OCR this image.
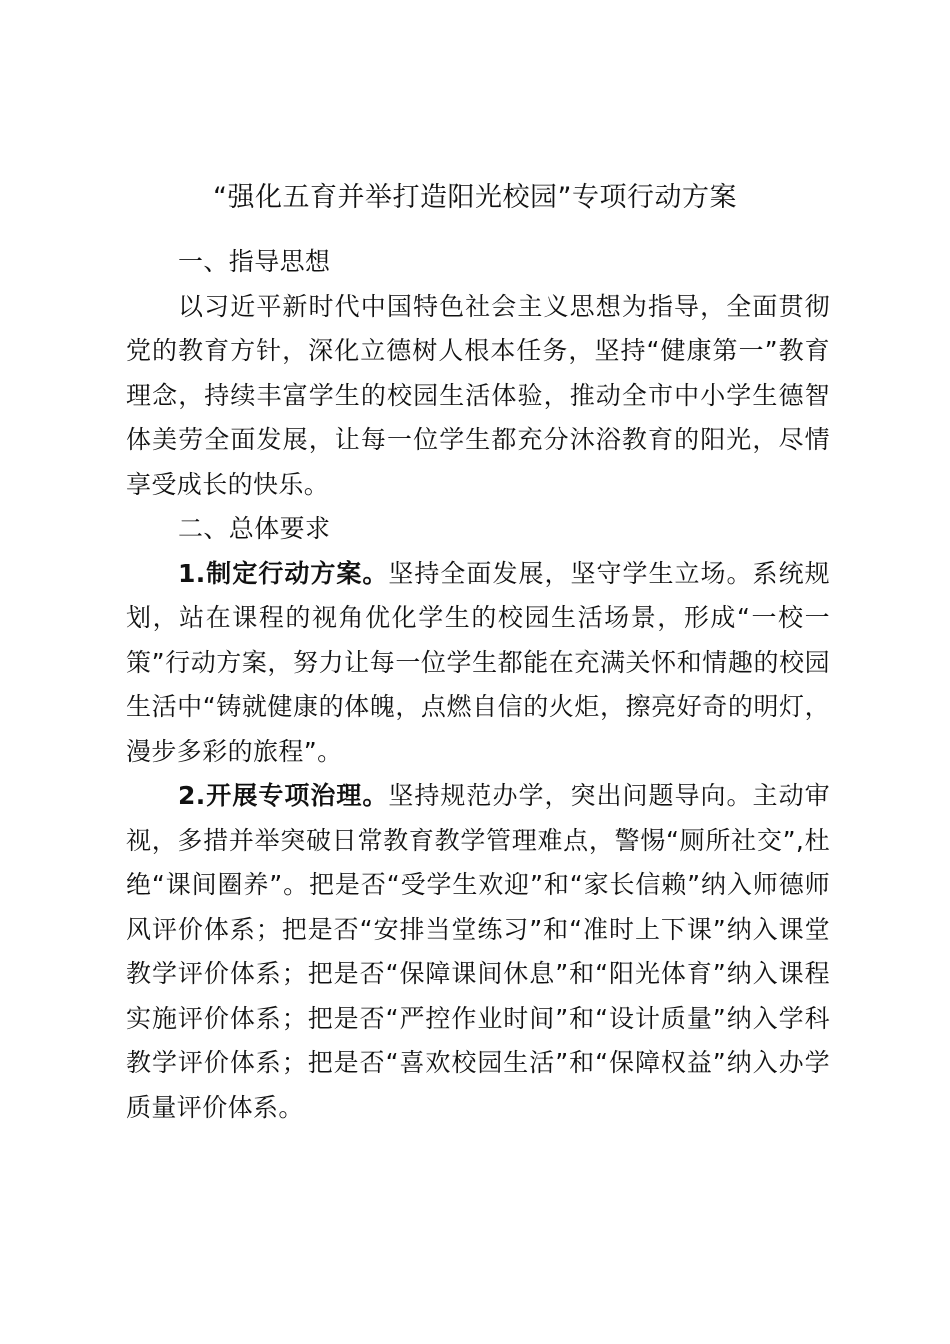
“强化五育并举打造阳光校园”专项行动方案

一、指导思想

以习近平新时代中国特色社会主义思想为指导，全面贯彻党的教育方针，深化立德树人根本任务，坚持“健康第一”教育理念，持续丰富学生的校园生活体验，推动全市中小学生德智体美劳全面发展，让每一位学生都充分沐浴教育的阳光，尽情享受成长的快乐。

二、总体要求

1.制定行动方案。坚持全面发展，坚守学生立场。系统规划，站在课程的视角优化学生的校园生活场景，形成“一校一策”行动方案，努力让每一位学生都能在充满关怀和情趣的校园生活中“铸就健康的体魄，点燃自信的火炬，擦亮好奇的明灯，漫步多彩的旅程”。

2.开展专项治理。坚持规范办学，突出问题导向。主动审视，多措并举突破日常教育教学管理难点，警惕“厕所社交”,杜绝“课间圈养”。把是否“受学生欢迎”和“家长信赖”纳入师德师风评价体系；把是否“安排当堂练习”和“准时上下课”纳入课堂教学评价体系；把是否“保障课间休息”和“阳光体育”纳入课程实施评价体系；把是否“严控作业时间”和“设计质量”纳入学科教学评价体系；把是否“喜欢校园生活”和“保障权益”纳入办学质量评价体系。
